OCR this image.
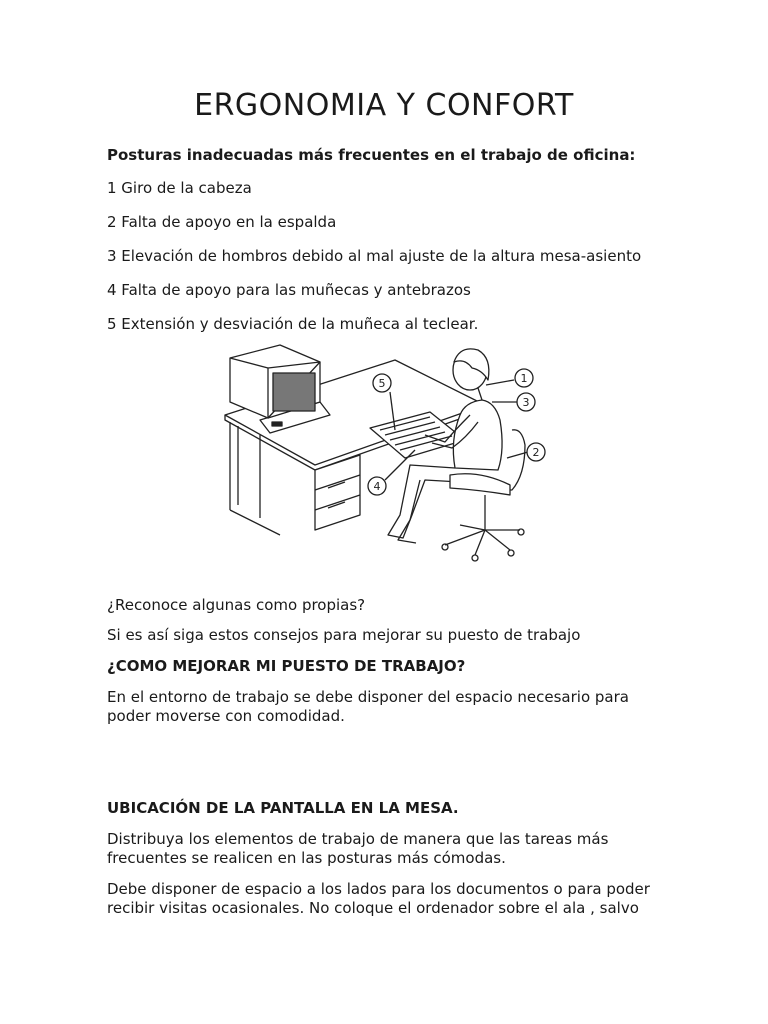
ERGONOMIA Y CONFORT

Posturas inadecuadas más frecuentes en el trabajo de oficina:

1 Giro de la cabeza

2 Falta de apoyo en la espalda

3 Elevación de hombros debido al mal ajuste de la altura mesa-asiento

4 Falta de apoyo para las muñecas y antebrazos

5 Extensión y desviación de la muñeca al teclear.

1
2
3
4
5

¿Reconoce algunas como propias?

Si es así siga estos consejos para mejorar su puesto de trabajo

¿COMO MEJORAR MI PUESTO DE TRABAJO?

En el entorno de trabajo se debe disponer del espacio necesario para poder moverse con comodidad.

UBICACIÓN DE LA PANTALLA EN LA MESA.

Distribuya los elementos de trabajo de manera que las tareas más frecuentes se realicen en las posturas más cómodas.

Debe disponer de espacio a los lados para los documentos o para poder recibir visitas ocasionales. No coloque el ordenador sobre el ala , salvo
